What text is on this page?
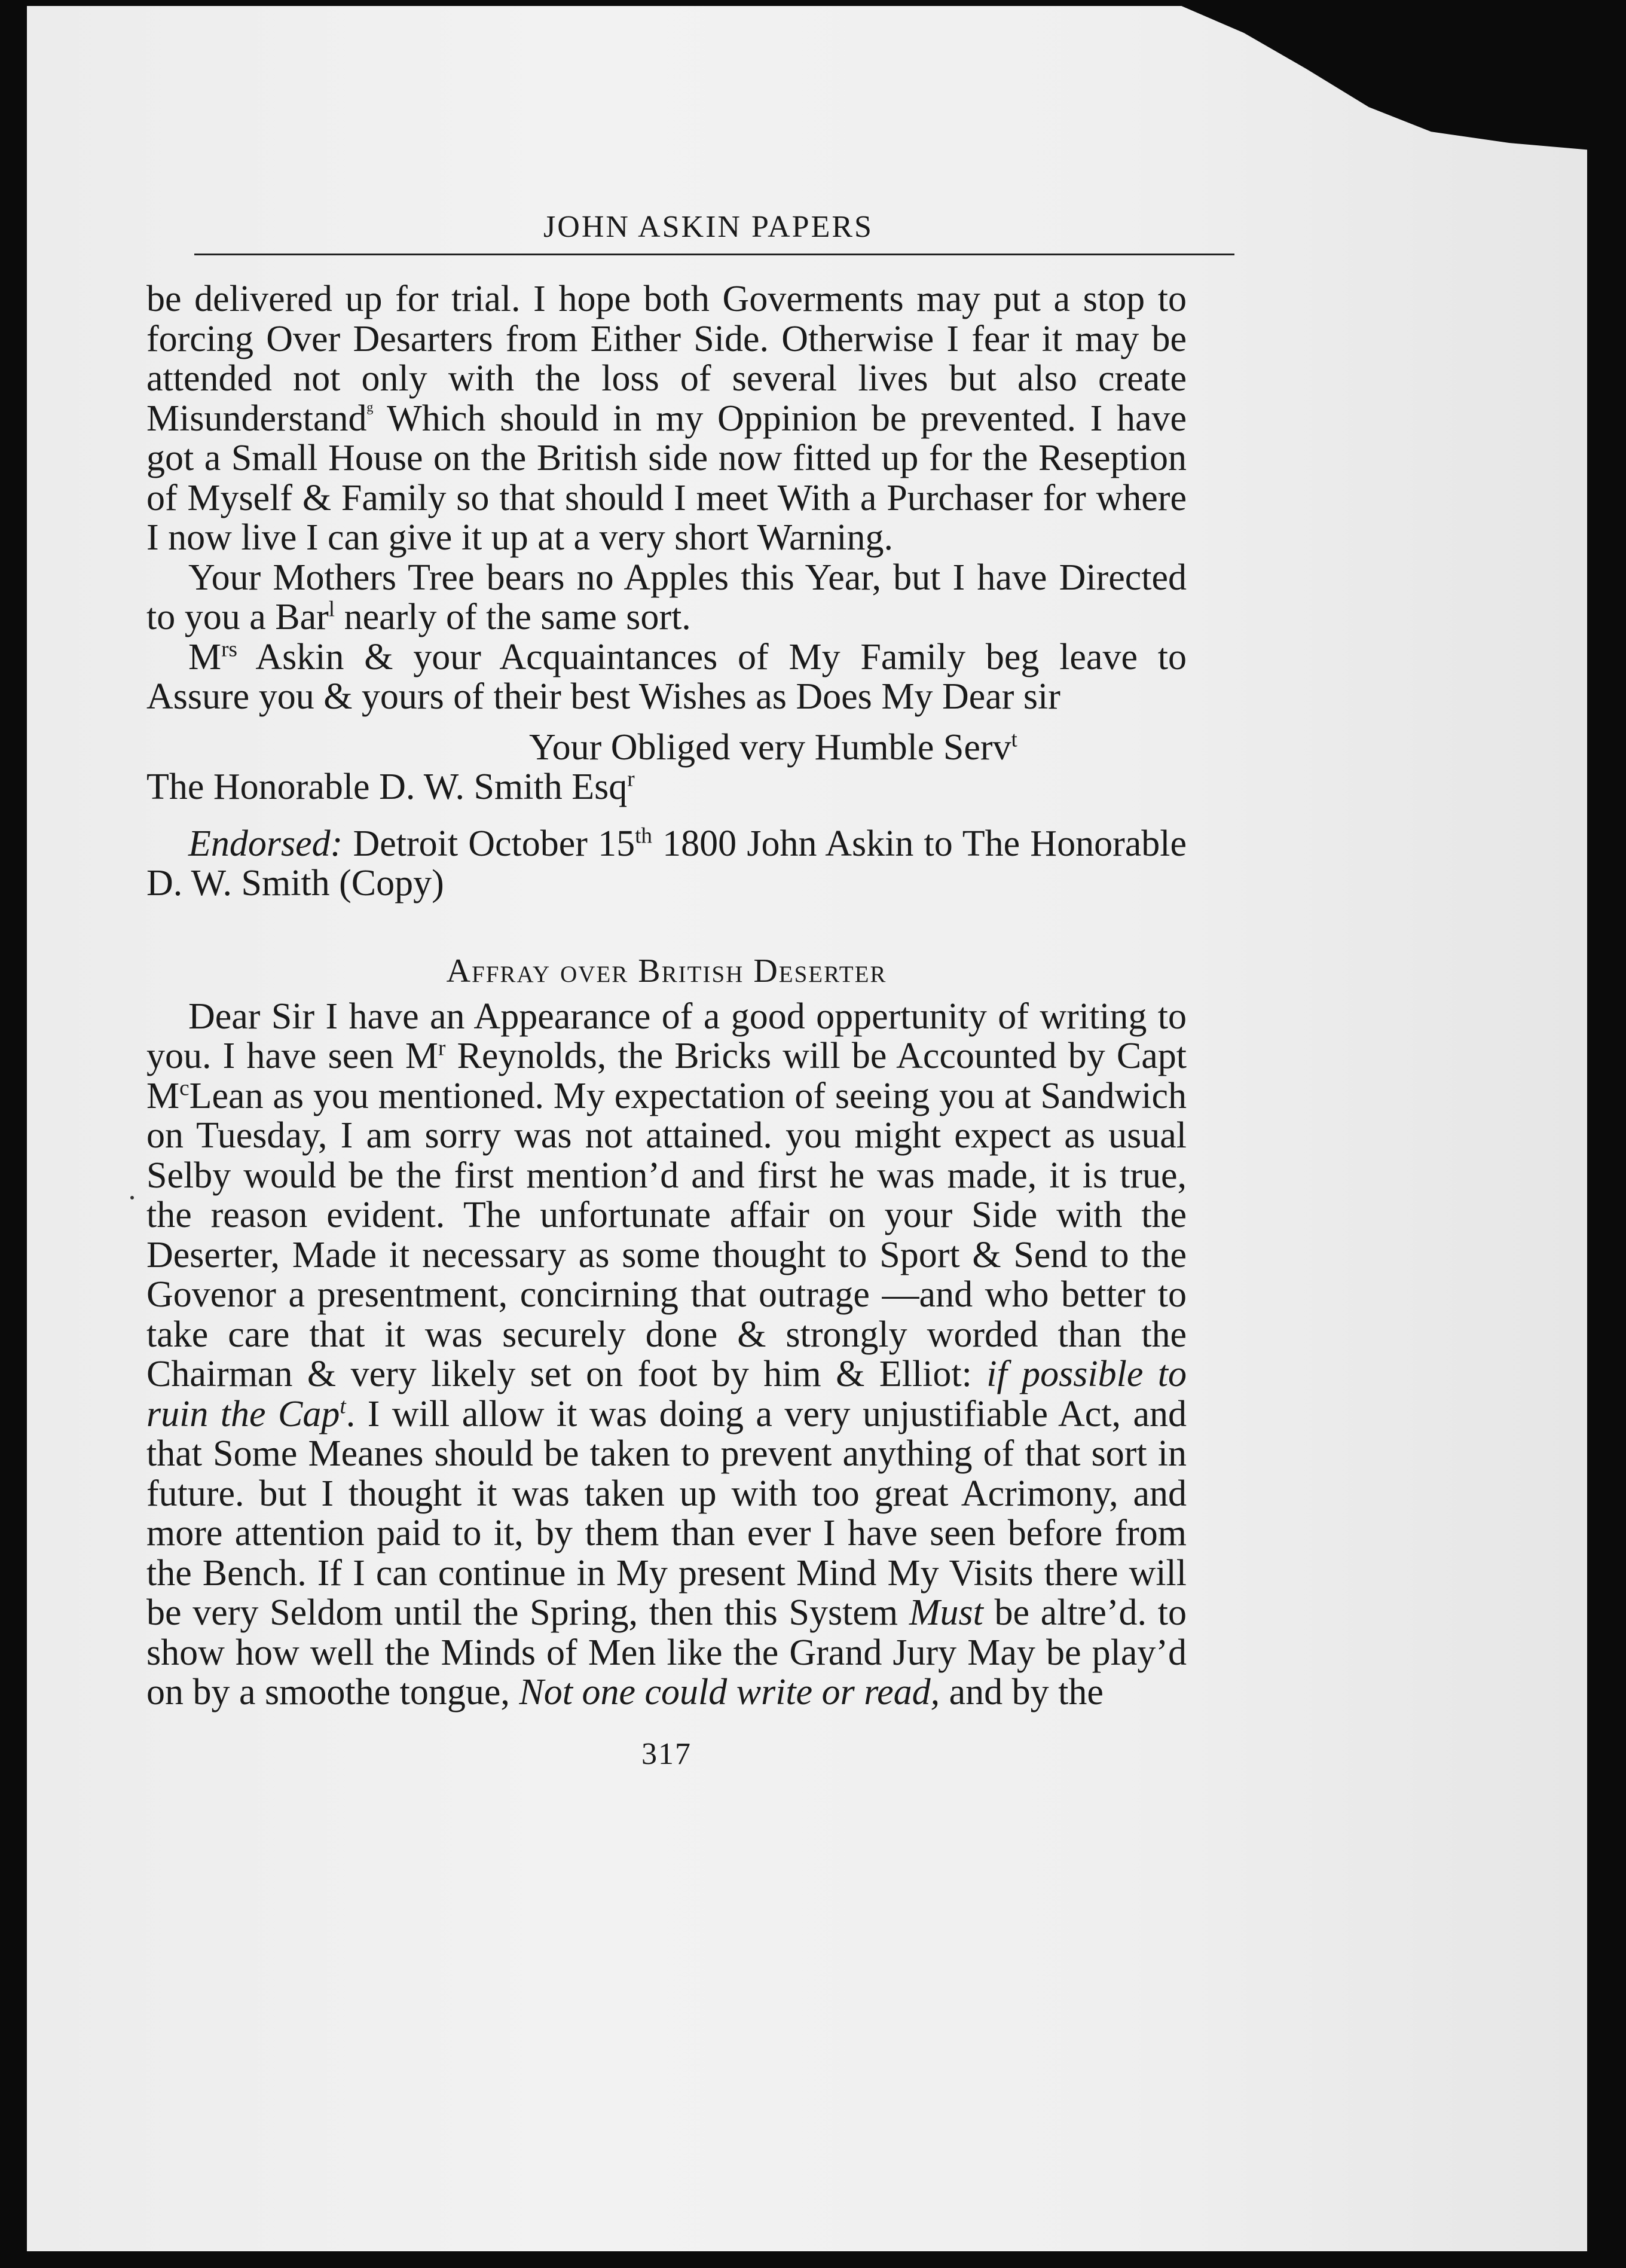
JOHN ASKIN PAPERS

be delivered up for trial. I hope both Goverments may put a stop to forcing Over Desarters from Either Side. Otherwise I fear it may be attended not only with the loss of several lives but also create Misunderstand$^ᵍ$ Which should in my Oppinion be prevented. I have got a Small House on the British side now fitted up for the Reseption of Myself & Family so that should I meet With a Purchaser for where I now live I can give it up at a very short Warning.

Your Mothers Tree bears no Apples this Year, but I have Directed to you a Bar$^l$ nearly of the same sort.

$M^{rs}$ Askin & your Acquaintances of My Family beg leave to Assure you & yours of their best Wishes as Does My Dear sir

Your Obliged very Humble Serv$^t$

The Honorable D. W. Smith Esq$^r$

Endorsed: Detroit October 15th 1800 John Askin to The Honorable D. W. Smith (Copy)

Affray over British Deserter

Dear Sir I have an Appearance of a good oppertunity of writing to you. I have seen $M^r$ Reynolds, the Bricks will be Accounted by Capt $M^cLean$ as you mentioned. My expectation of seeing you at Sandwich on Tuesday, I am sorry was not attained. you might expect as usual Selby would be the first mention’d and first he was made, it is true, the reason evident. The unfortunate affair on your Side with the Deserter, Made it necessary as some thought to Sport & Send to the Govenor a presentment, concirning that outrage —and who better to take care that it was securely done & strongly worded than the Chairman & very likely set on foot by him & Elliot: if possible to ruin the Cap$^t$. I will allow it was doing a very unjustifiable Act, and that Some Meanes should be taken to prevent anything of that sort in future. but I thought it was taken up with too great Acrimony, and more attention paid to it, by them than ever I have seen before from the Bench. If I can continue in My present Mind My Visits there will be very Seldom until the Spring, then this System Must be altre’d. to show how well the Minds of Men like the Grand Jury May be play’d on by a smoothe tongue, Not one could write or read, and by the

317
